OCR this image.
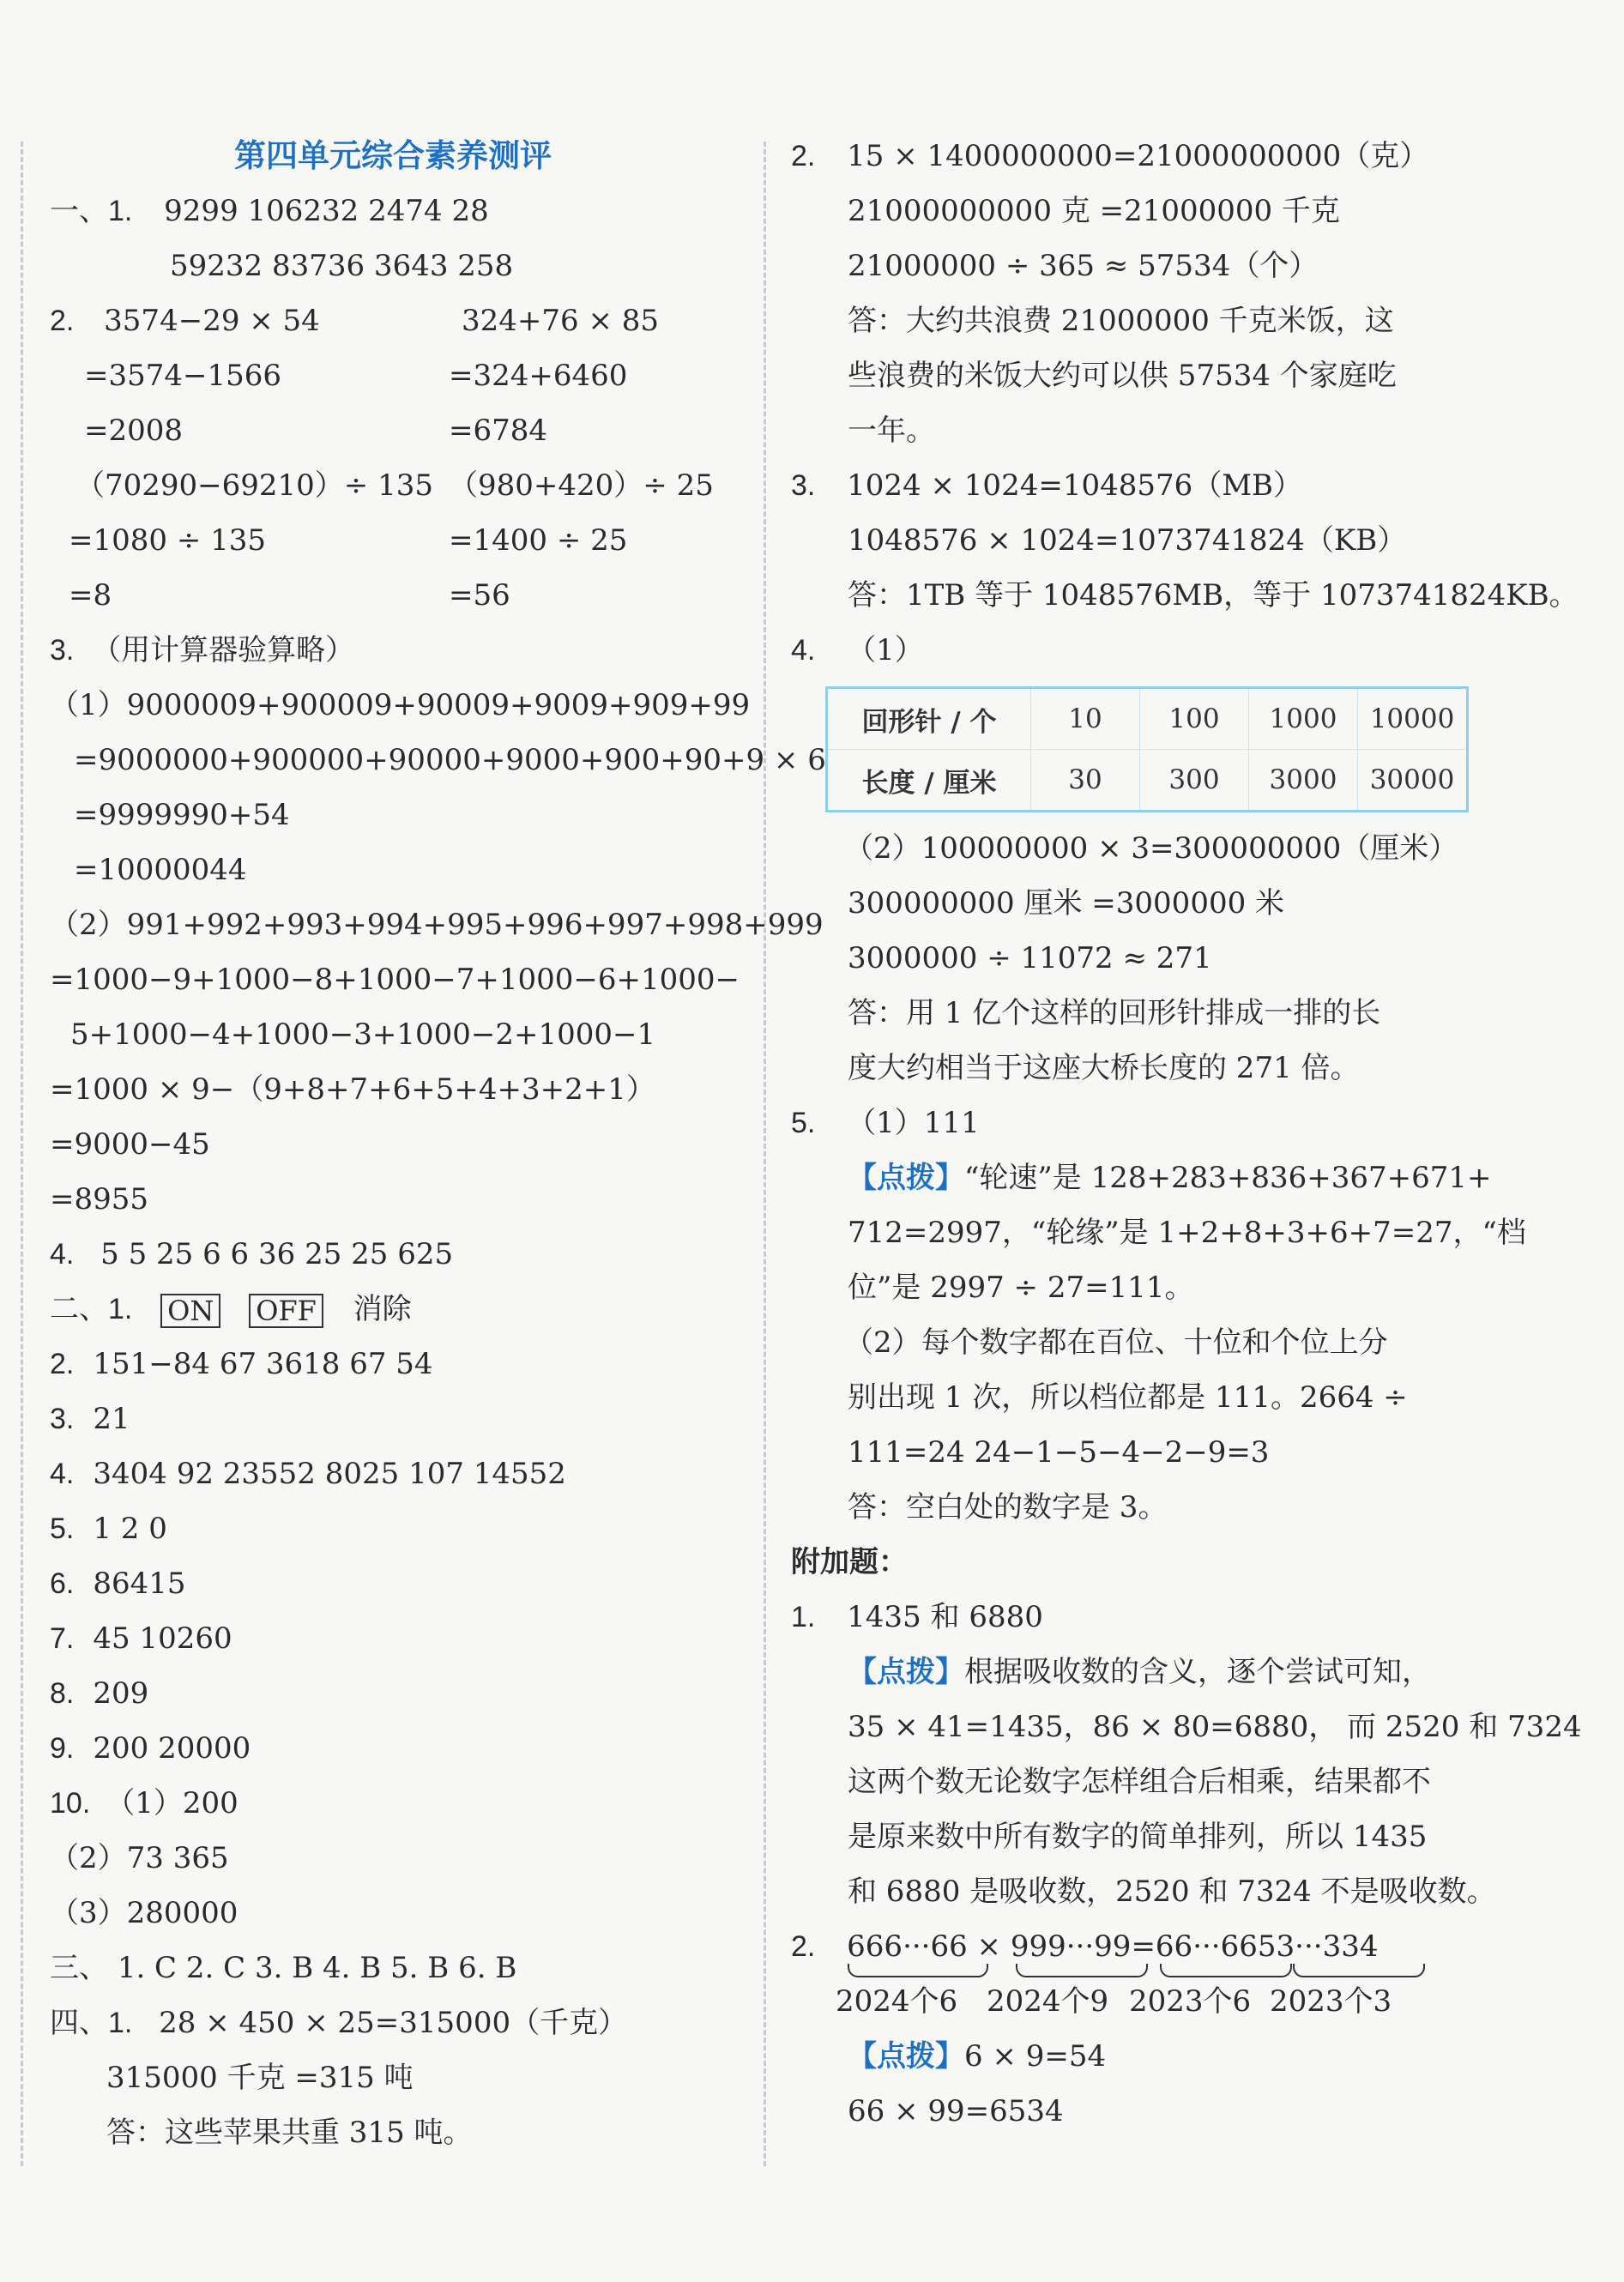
第四单元综合素养测评
一、1. 9299 106232 2474 28
59232 83736 3643 258
2. 3574−29 × 54	324+76 × 85
=3574−1566	=324+6460
=2008	=6784
（70290−69210）÷ 135 （980+420）÷ 25
=1080 ÷ 135	=1400 ÷ 25
=8	=56
3. （用计算器验算略）
（1）9000009+900009+90009+9009+909+99
=9000000+900000+90000+9000+900+90+9 × 6
=9999990+54
=10000044
（2）991+992+993+994+995+996+997+998+999
=1000−9+1000−8+1000−7+1000−6+1000−
5+1000−4+1000−3+1000−2+1000−1
=1000 × 9−（9+8+7+6+5+4+3+2+1）
=9000−45
=8955
4. 5 5 25 6 6 36 25 25 625
二、1. ON OFF 消除
2. 151−84 67 3618 67 54
3. 21
4. 3404 92 23552 8025 107 14552
5. 1 2 0
6. 86415
7. 45 10260
8. 209
9. 200 20000
10. （1）200
（2）73 365
（3）280000
三、 1. C 2. C 3. B 4. B 5. B 6. B
四、1. 28 × 450 × 25=315000（千克）
315000 千克 =315 吨
答：这些苹果共重 315 吨。
2. 15 × 1400000000=21000000000（克）
21000000000 克 =21000000 千克
21000000 ÷ 365 ≈ 57534（个）
答：大约共浪费 21000000 千克米饭，这
些浪费的米饭大约可以供 57534 个家庭吃
一年。
3. 1024 × 1024=1048576（MB）
1048576 × 1024=1073741824（KB）
答：1TB 等于 1048576MB，等于 1073741824KB。
4. （1）
回形针 / 个	10	100	1000	10000
长度 / 厘米	30	300	3000	30000
（2）100000000 × 3=300000000（厘米）
300000000 厘米 =3000000 米
3000000 ÷ 11072 ≈ 271
答：用 1 亿个这样的回形针排成一排的长
度大约相当于这座大桥长度的 271 倍。
5. （1）111
【点拨】“轮速”是 128+283+836+367+671+
712=2997，“轮缘”是 1+2+8+3+6+7=27，“档
位”是 2997 ÷ 27=111。
（2）每个数字都在百位、十位和个位上分
别出现 1 次，所以档位都是 111。2664 ÷
111=24 24−1−5−4−2−9=3
答：空白处的数字是 3。
附加题：
1. 1435 和 6880
【点拨】根据吸收数的含义，逐个尝试可知，
35 × 41=1435，86 × 80=6880， 而 2520 和 7324
这两个数无论数字怎样组合后相乘，结果都不
是原来数中所有数字的简单排列，所以 1435
和 6880 是吸收数，2520 和 7324 不是吸收数。
2. 666···66 × 999···99=66···6653···334
2024个6 2024个9 2023个6 2023个3
【点拨】6 × 9=54
66 × 99=6534
